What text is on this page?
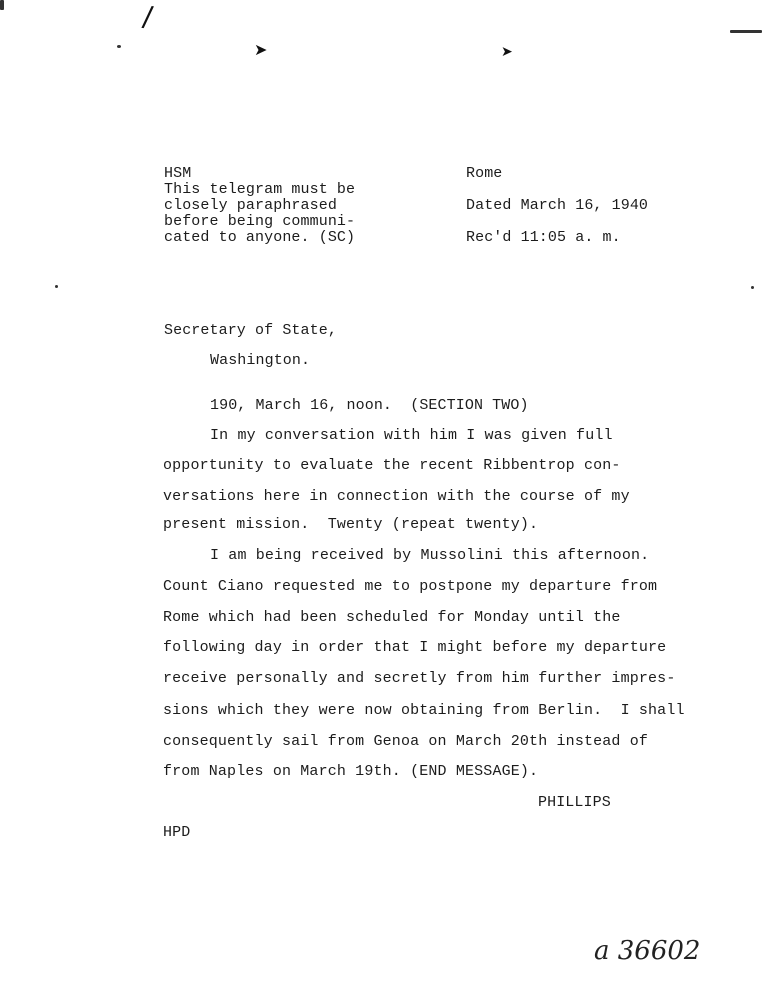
/
➤	➤
HSM
This telegram must be
closely paraphrased
before being communi-
cated to anyone. (SC)
Rome
Dated March 16, 1940
Rec'd 11:05 a. m.
Secretary of State,
Washington.
190, March 16, noon.  (SECTION TWO)
In my conversation with him I was given full
opportunity to evaluate the recent Ribbentrop con-
versations here in connection with the course of my
present mission.  Twenty (repeat twenty).
I am being received by Mussolini this afternoon.
Count Ciano requested me to postpone my departure from
Rome which had been scheduled for Monday until the
following day in order that I might before my departure
receive personally and secretly from him further impres-
sions which they were now obtaining from Berlin.  I shall
consequently sail from Genoa on March 20th instead of
from Naples on March 19th. (END MESSAGE).
PHILLIPS
HPD
a 36602
